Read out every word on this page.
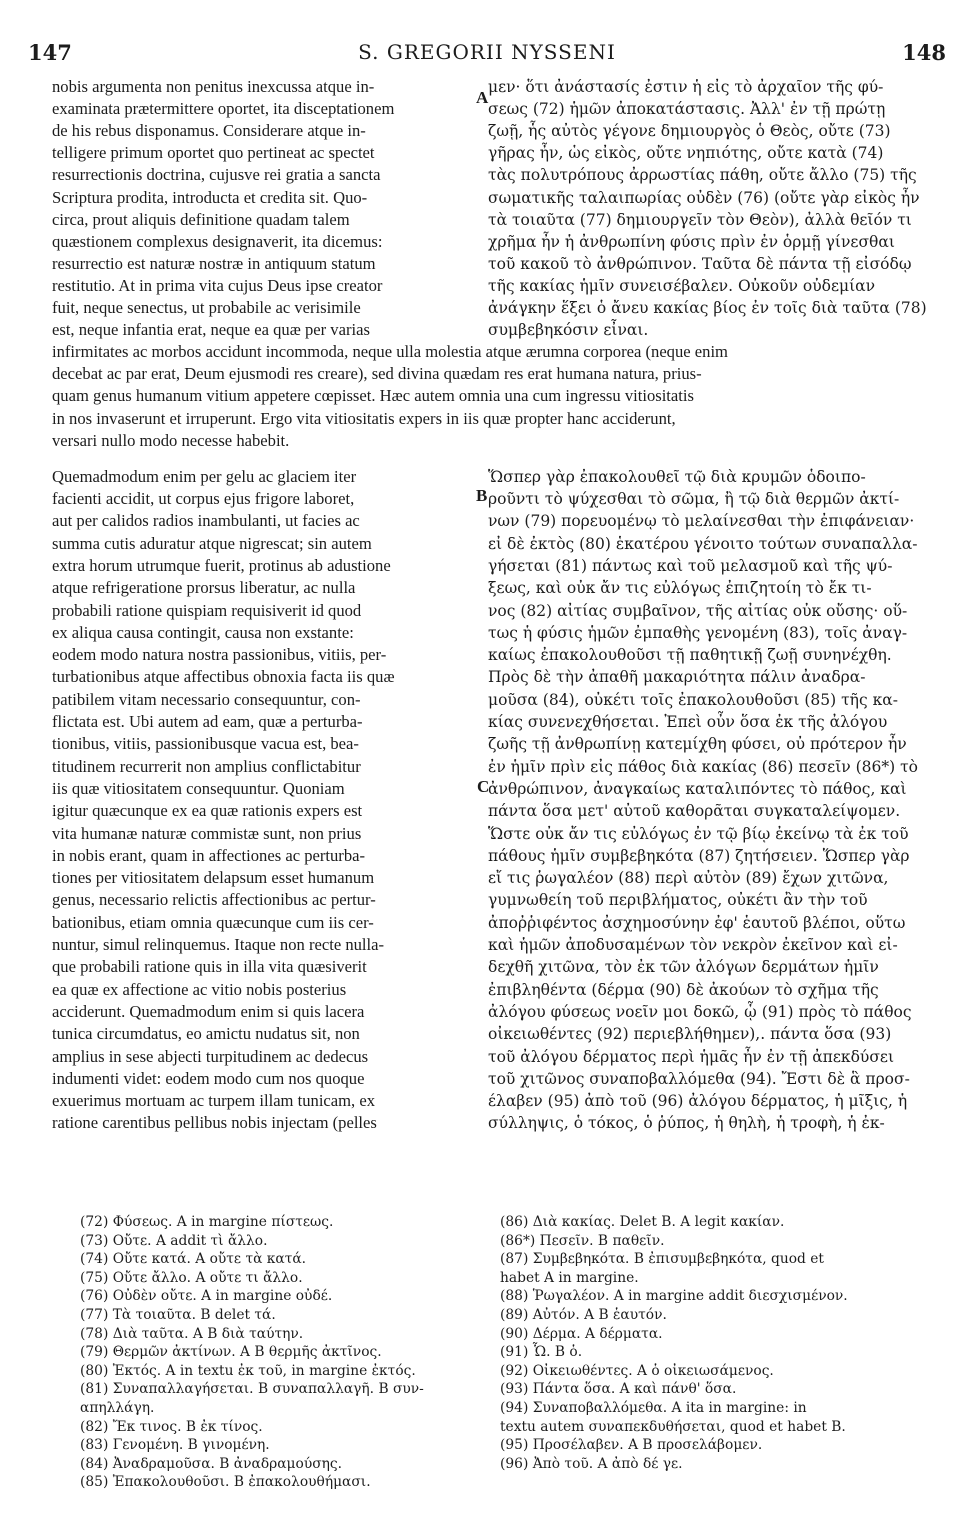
147	S. GREGORII NYSSENI	148
nobis argumenta non penitus inexcussa atque in-
examinata prætermittere oportet, ita disceptationem
de his rebus disponamus. Considerare atque in-
telligere primum oportet quo pertineat ac spectet
resurrectionis doctrina, cujusve rei gratia a sancta
Scriptura prodita, introducta et credita sit. Quo-
circa, prout aliquis definitione quadam talem
quæstionem complexus designaverit, ita dicemus:
resurrectio est naturæ nostræ in antiquum statum
restitutio. At in prima vita cujus Deus ipse creator
fuit, neque senectus, ut probabile ac verisimile
est, neque infantia erat, neque ea quæ per varias
Quemadmodum enim per gelu ac glaciem iter
facienti accidit, ut corpus ejus frigore laboret,
aut per calidos radios inambulanti, ut facies ac
summa cutis aduratur atque nigrescat; sin autem
extra horum utrumque fuerit, protinus ab adustione
atque refrigeratione prorsus liberatur, ac nulla
probabili ratione quispiam requisiverit id quod
ex aliqua causa contingit, causa non exstante:
eodem modo natura nostra passionibus, vitiis, per-
turbationibus atque affectibus obnoxia facta iis quæ
patibilem vitam necessario consequuntur, con-
flictata est. Ubi autem ad eam, quæ a perturba-
tionibus, vitiis, passionibusque vacua est, bea-
titudinem recurrerit non amplius conflictabitur
iis quæ vitiositatem consequuntur. Quoniam
igitur quæcunque ex ea quæ rationis expers est
vita humanæ naturæ commistæ sunt, non prius
in nobis erant, quam in affectiones ac perturba-
tiones per vitiositatem delapsum esset humanum
genus, necessario relictis affectionibus ac pertur-
bationibus, etiam omnia quæcunque cum iis cer-
nuntur, simul relinquemus. Itaque non recte nulla-
que probabili ratione quis in illa vita quæsiverit
ea quæ ex affectione ac vitio nobis posterius
acciderunt. Quemadmodum enim si quis lacera
tunica circumdatus, eo amictu nudatus sit, non
amplius in sese abjecti turpitudinem ac dedecus
indumenti videt: eodem modo cum nos quoque
exuerimus mortuam ac turpem illam tunicam, ex
ratione carentibus pellibus nobis injectam (pelles
μεν· ὅτι ἀνάστασίς ἐστιν ἡ εἰς τὸ ἀρχαῖον τῆς φύ-
σεως (72) ἡμῶν ἀποκατάστασις. Ἀλλ' ἐν τῇ πρώτῃ
ζωῇ, ἧς αὐτὸς γέγονε δημιουργὸς ὁ Θεὸς, οὔτε (73)
γῆρας ἦν, ὡς εἰκὸς, οὔτε νηπιότης, οὔτε κατὰ (74)
τὰς πολυτρόπους ἀρρωστίας πάθη, οὔτε ἄλλο (75) τῆς
σωματικῆς ταλαιπωρίας οὐδὲν (76) (οὔτε γὰρ εἰκὸς ἦν
τὰ τοιαῦτα (77) δημιουργεῖν τὸν Θεὸν), ἀλλὰ θεῖόν τι
χρῆμα ἦν ἡ ἀνθρωπίνη φύσις πρὶν ἐν ὁρμῇ γίνεσθαι
τοῦ κακοῦ τὸ ἀνθρώπινον. Ταῦτα δὲ πάντα τῇ εἰσόδῳ
τῆς κακίας ἡμῖν συνεισέβαλεν. Οὐκοῦν οὐδεμίαν
ἀνάγκην ἕξει ὁ ἄνευ κακίας βίος ἐν τοῖς διὰ ταῦτα (78)
συμβεβηκόσιν εἶναι.
Ὥσπερ γὰρ ἐπακολουθεῖ τῷ διὰ κρυμῶν ὁδοιπο-
ροῦντι τὸ ψύχεσθαι τὸ σῶμα, ἢ τῷ διὰ θερμῶν ἀκτί-
νων (79) πορευομένῳ τὸ μελαίνεσθαι τὴν ἐπιφάνειαν·
εἰ δὲ ἐκτὸς (80) ἑκατέρου γένοιτο τούτων συναπαλλα-
γήσεται (81) πάντως καὶ τοῦ μελασμοῦ καὶ τῆς ψύ-
ξεως, καὶ οὐκ ἄν τις εὐλόγως ἐπιζητοίη τὸ ἔκ τι-
νος (82) αἰτίας συμβαῖνον, τῆς αἰτίας οὐκ οὔσης· οὕ-
τως ἡ φύσις ἡμῶν ἐμπαθὴς γενομένη (83), τοῖς ἀναγ-
καίως ἐπακολουθοῦσι τῇ παθητικῇ ζωῇ συνηνέχθη.
Πρὸς δὲ τὴν ἀπαθῆ μακαριότητα πάλιν ἀναδρα-
μοῦσα (84), οὐκέτι τοῖς ἐπακολουθοῦσι (85) τῆς κα-
κίας συνενεχθήσεται. Ἐπεὶ οὖν ὅσα ἐκ τῆς ἀλόγου
ζωῆς τῇ ἀνθρωπίνῃ κατεμίχθη φύσει, οὐ πρότερον ἦν
ἐν ἡμῖν πρὶν εἰς πάθος διὰ κακίας (86) πεσεῖν (86*) τὸ
ἀνθρώπινον, ἀναγκαίως καταλιπόντες τὸ πάθος, καὶ
πάντα ὅσα μετ' αὐτοῦ καθορᾶται συγκαταλείψομεν.
Ὥστε οὐκ ἄν τις εὐλόγως ἐν τῷ βίῳ ἐκείνῳ τὰ ἐκ τοῦ
πάθους ἡμῖν συμβεβηκότα (87) ζητήσειεν. Ὥσπερ γὰρ
εἴ τις ῥωγαλέον (88) περὶ αὐτὸν (89) ἔχων χιτῶνα,
γυμνωθείη τοῦ περιβλήματος, οὐκέτι ἂν τὴν τοῦ
ἀποῤῥιφέντος ἀσχημοσύνην ἐφ' ἑαυτοῦ βλέποι, οὕτω
καὶ ἡμῶν ἀποδυσαμένων τὸν νεκρὸν ἐκεῖνον καὶ εἰ-
δεχθῆ χιτῶνα, τὸν ἐκ τῶν ἀλόγων δερμάτων ἡμῖν
ἐπιβληθέντα (δέρμα (90) δὲ ἀκούων τὸ σχῆμα τῆς
ἀλόγου φύσεως νοεῖν μοι δοκῶ, ᾧ (91) πρὸς τὸ πάθος
οἰκειωθέντες (92) περιεβλήθημεν),. πάντα ὅσα (93)
τοῦ ἀλόγου δέρματος περὶ ἡμᾶς ἦν ἐν τῇ ἀπεκδύσει
τοῦ χιτῶνος συναποβαλλόμεθα (94). Ἔστι δὲ ἃ προσ-
έλαβεν (95) ἀπὸ τοῦ (96) ἀλόγου δέρματος, ἡ μῖξις, ἡ
σύλληψις, ὁ τόκος, ὁ ῥύπος, ἡ θηλὴ, ἡ τροφὴ, ἡ ἐκ-
A
B
C
(72) Φύσεως. A in margine πίστεως.
(73) Οὔτε. A addit τὶ ἄλλο.
(74) Οὔτε κατά. A οὔτε τὰ κατά.
(75) Οὔτε ἄλλο. A οὔτε τι ἄλλο.
(76) Οὐδὲν οὔτε. A in margine οὐδέ.
(77) Τὰ τοιαῦτα. B delet τά.
(78) Διὰ ταῦτα. A B διὰ ταύτην.
(79) Θερμῶν ἀκτίνων. A B θερμῆς ἀκτῖνος.
(80) Ἐκτός. A in textu ἐκ τοῦ, in margine ἐκτός.
(81) Συναπαλλαγήσεται. B συναπαλλαγῆ. B συν-
απηλλάγη.
(82) Ἔκ τινος. B ἐκ τίνος.
(83) Γενομένη. B γινομένη.
(84) Ἀναδραμοῦσα. B ἀναδραμούσης.
(85) Ἐπακολουθοῦσι. B ἐπακολουθήμασι.
(86) Διὰ κακίας. Delet B. A legit κακίαν.
(86*) Πεσεῖν. B παθεῖν.
(87) Συμβεβηκότα. B ἐπισυμβεβηκότα, quod et
habet A in margine.
(88) Ῥωγαλέον. A in margine addit διεσχισμένον.
(89) Αὐτόν. A B ἑαυτόν.
(90) Δέρμα. A δέρματα.
(91) Ὧ. B ὁ.
(92) Οἰκειωθέντες. A ὁ οἰκειωσάμενος.
(93) Πάντα ὅσα. A καὶ πάνθ' ὅσα.
(94) Συναποβαλλόμεθα. A ita in margine: in
textu autem συναπεκδυθήσεται, quod et habet B.
(95) Προσέλαβεν. A B προσελάβομεν.
(96) Ἀπὸ τοῦ. A ἀπὸ δέ γε.
infirmitates ac morbos accidunt incommoda, neque ulla molestia atque ærumna corporea (neque enim
decebat ac par erat, Deum ejusmodi res creare), sed divina quædam res erat humana natura, prius-
quam genus humanum vitium appetere cœpisset. Hæc autem omnia una cum ingressu vitiositatis
in nos invaserunt et irruperunt. Ergo vita vitiositatis expers in iis quæ propter hanc acciderunt,
versari nullo modo necesse habebit.
